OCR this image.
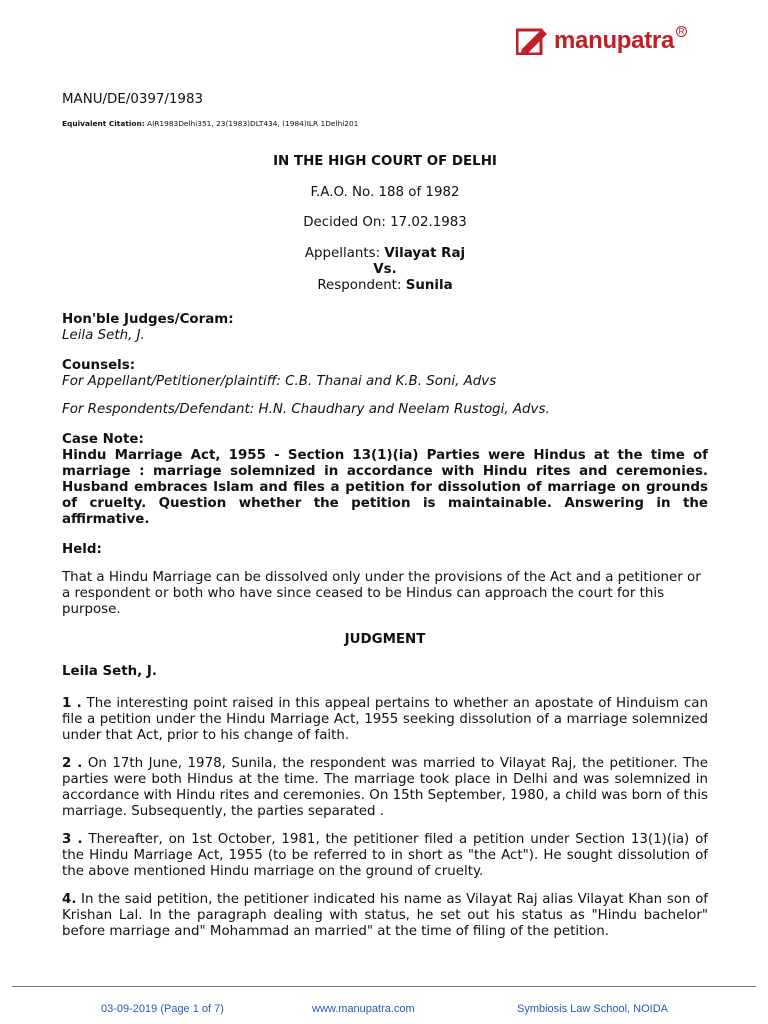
manupatra R

MANU/DE/0397/1983

Equivalent Citation: AIR1983Delhi351, 23(1983)DLT434, (1984)ILR 1Delhi201

IN THE HIGH COURT OF DELHI

F.A.O. No. 188 of 1982

Decided On: 17.02.1983

Appellants: Vilayat Raj

Vs.

Respondent: Sunila

Hon'ble Judges/Coram:

Leila Seth, J.

Counsels:

For Appellant/Petitioner/plaintiff: C.B. Thanai and K.B. Soni, Advs

For Respondents/Defendant: H.N. Chaudhary and Neelam Rustogi, Advs.

Case Note:

Hindu Marriage Act, 1955 - Section 13(1)(ia) Parties were Hindus at the time of marriage : marriage solemnized in accordance with Hindu rites and ceremonies. Husband embraces Islam and files a petition for dissolution of marriage on grounds of cruelty. Question whether the petition is maintainable. Answering in the affirmative.

Held:

That a Hindu Marriage can be dissolved only under the provisions of the Act and a petitioner or a respondent or both who have since ceased to be Hindus can approach the court for this purpose.

JUDGMENT

Leila Seth, J.

1 . The interesting point raised in this appeal pertains to whether an apostate of Hinduism can file a petition under the Hindu Marriage Act, 1955 seeking dissolution of a marriage solemnized under that Act, prior to his change of faith.

2 . On 17th June, 1978, Sunila, the respondent was married to Vilayat Raj, the petitioner. The parties were both Hindus at the time. The marriage took place in Delhi and was solemnized in accordance with Hindu rites and ceremonies. On 15th September, 1980, a child was born of this marriage. Subsequently, the parties separated .

3 . Thereafter, on 1st October, 1981, the petitioner filed a petition under Section 13(1)(ia) of the Hindu Marriage Act, 1955 (to be referred to in short as "the Act"). He sought dissolution of the above mentioned Hindu marriage on the ground of cruelty.

4. In the said petition, the petitioner indicated his name as Vilayat Raj alias Vilayat Khan son of Krishan Lal. In the paragraph dealing with status, he set out his status as "Hindu bachelor" before marriage and" Mohammad an married" at the time of filing of the petition.

03-09-2019 (Page 1 of 7)	www.manupatra.com	Symbiosis Law School, NOIDA
